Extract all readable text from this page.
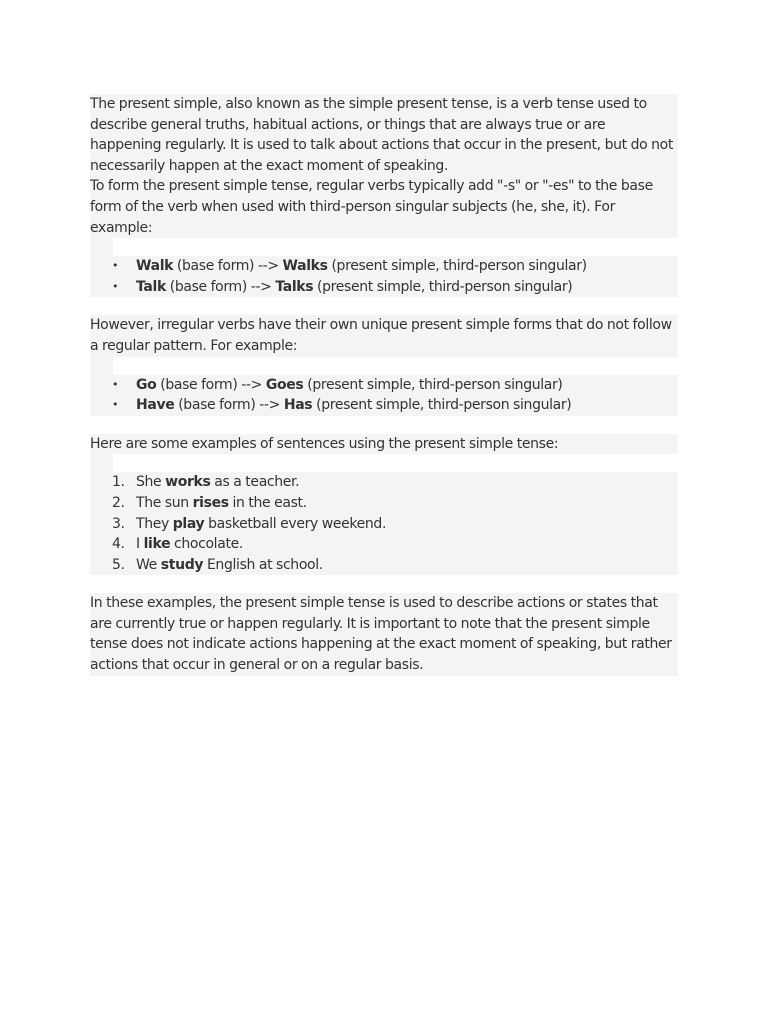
The present simple, also known as the simple present tense, is a verb tense used to describe general truths, habitual actions, or things that are always true or are happening regularly. It is used to talk about actions that occur in the present, but do not necessarily happen at the exact moment of speaking.

To form the present simple tense, regular verbs typically add "-s" or "-es" to the base form of the verb when used with third-person singular subjects (he, she, it). For example:

• Walk (base form) --> Walks (present simple, third-person singular)
• Talk (base form) --> Talks (present simple, third-person singular)

However, irregular verbs have their own unique present simple forms that do not follow a regular pattern. For example:

• Go (base form) --> Goes (present simple, third-person singular)
• Have (base form) --> Has (present simple, third-person singular)

Here are some examples of sentences using the present simple tense:

1. She works as a teacher.
2. The sun rises in the east.
3. They play basketball every weekend.
4. I like chocolate.
5. We study English at school.

In these examples, the present simple tense is used to describe actions or states that are currently true or happen regularly. It is important to note that the present simple tense does not indicate actions happening at the exact moment of speaking, but rather actions that occur in general or on a regular basis.
